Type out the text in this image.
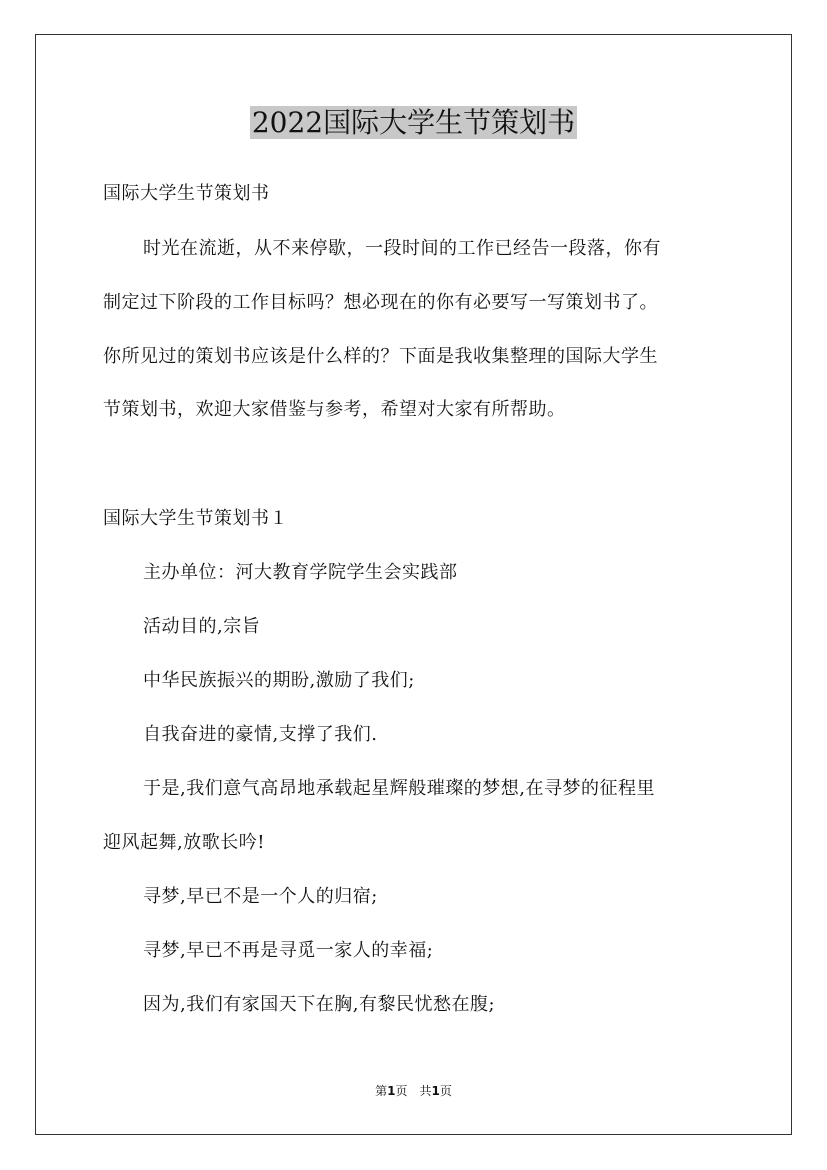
2022国际大学生节策划书
国际大学生节策划书
时光在流逝，从不来停歇，一段时间的工作已经告一段落，你有
制定过下阶段的工作目标吗？想必现在的你有必要写一写策划书了。
你所见过的策划书应该是什么样的？下面是我收集整理的国际大学生
节策划书，欢迎大家借鉴与参考，希望对大家有所帮助。
国际大学生节策划书１
主办单位：河大教育学院学生会实践部
活动目的,宗旨
中华民族振兴的期盼,激励了我们;
自我奋进的豪情,支撑了我们.
于是,我们意气高昂地承载起星辉般璀璨的梦想,在寻梦的征程里
迎风起舞,放歌长吟!
寻梦,早已不是一个人的归宿;
寻梦,早已不再是寻觅一家人的幸福;
因为,我们有家国天下在胸,有黎民忧愁在腹;
第1页 共1页
